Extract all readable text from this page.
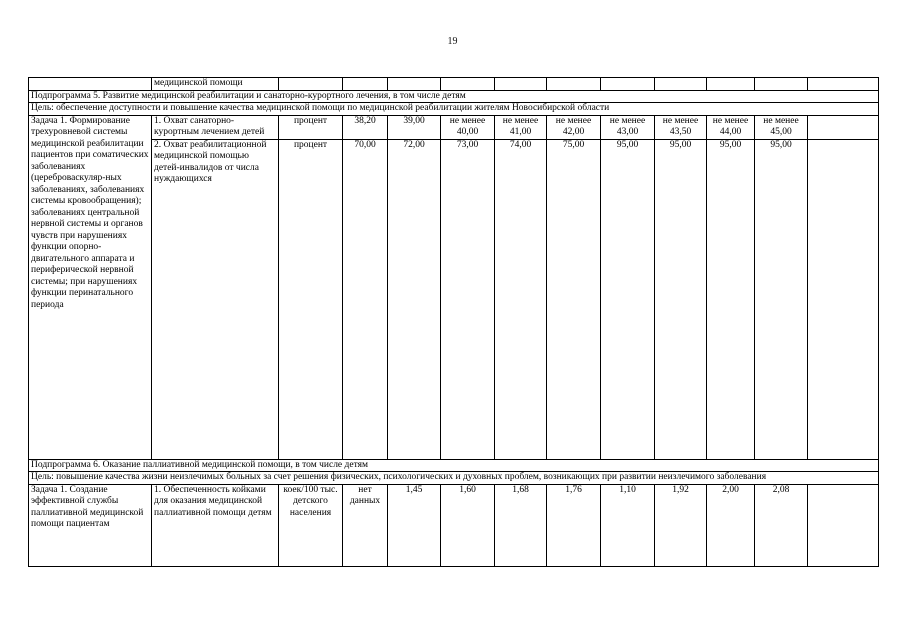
19
	медицинской помощи											
Подпрограмма 5. Развитие медицинской реабилитации и санаторно-курортного лечения, в том числе детям												
Цель: обеспечение доступности и повышение качества медицинской помощи по медицинской реабилитации жителям Новосибирской области												
Задача 1. Формирование трехуровневой системы медицинской реабилитации пациентов при соматических заболеваниях (цереброваскуляр-ных заболеваниях, заболеваниях системы кровообращения); заболеваниях центральной нервной системы и органов чувств при нарушениях функции опорно-двигательного аппарата и периферической нервной системы; при нарушениях функции перинатального периода	1. Охват санаторно-курортным лечением детей	процент	38,20	39,00	не менее 40,00	не менее 41,00	не менее 42,00	не менее 43,00	не менее 43,50	не менее 44,00	не менее 45,00	
	2. Охват реабилитационной медицинской помощью детей-инвалидов от числа нуждающихся	процент	70,00	72,00	73,00	74,00	75,00	95,00	95,00	95,00	95,00	
Подпрограмма 6. Оказание паллиативной медицинской помощи, в том числе детям												
Цель: повышение качества жизни неизлечимых больных за счет решения физических, психологических и духовных проблем, возникающих при развитии неизлечимого заболевания												
Задача 1. Создание эффективной службы паллиативной медицинской помощи пациентам	1. Обеспеченность койками для оказания медицинской паллиативной помощи детям	коек/100 тыс. детского населения	нет данных	1,45	1,60	1,68	1,76	1,10	1,92	2,00	2,08	
